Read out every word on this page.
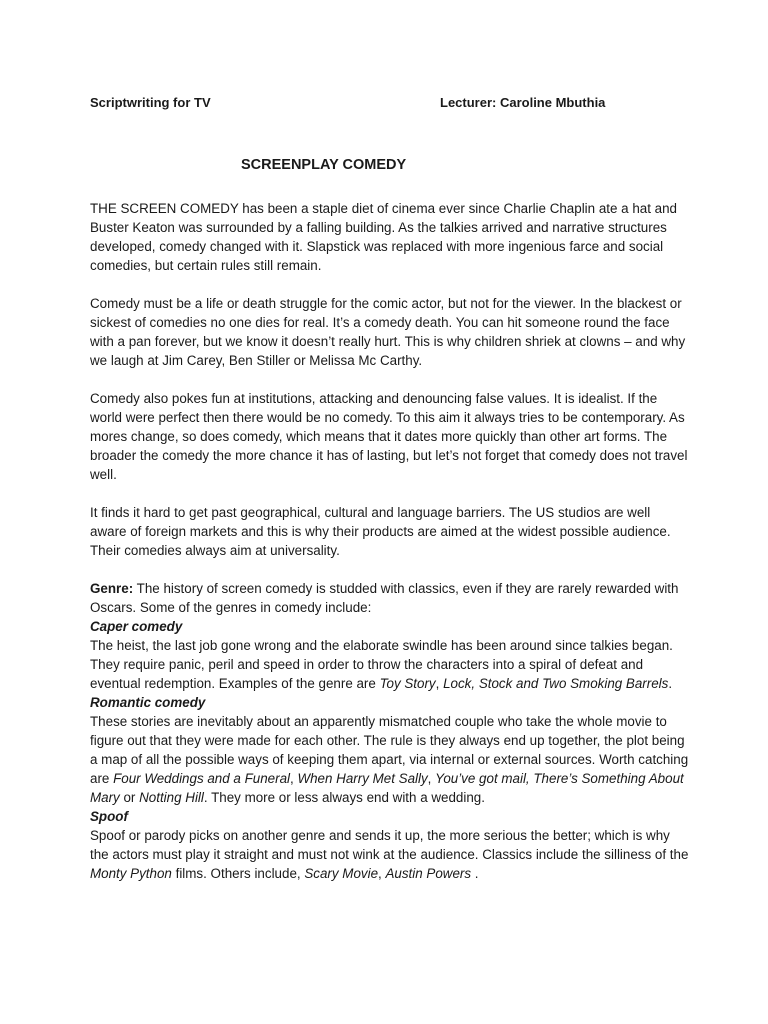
Scriptwriting for TV	Lecturer: Caroline Mbuthia
SCREENPLAY COMEDY

THE SCREEN COMEDY has been a staple diet of cinema ever since Charlie Chaplin ate a hat and Buster Keaton was surrounded by a falling building. As the talkies arrived and narrative structures developed, comedy changed with it. Slapstick was replaced with more ingenious farce and social comedies, but certain rules still remain.

Comedy must be a life or death struggle for the comic actor, but not for the viewer. In the blackest or sickest of comedies no one dies for real. It’s a comedy death. You can hit someone round the face with a pan forever, but we know it doesn’t really hurt. This is why children shriek at clowns – and why we laugh at Jim Carey, Ben Stiller or Melissa Mc Carthy.

Comedy also pokes fun at institutions, attacking and denouncing false values. It is idealist. If the world were perfect then there would be no comedy. To this aim it always tries to be contemporary. As mores change, so does comedy, which means that it dates more quickly than other art forms. The broader the comedy the more chance it has of lasting, but let’s not forget that comedy does not travel well.

It finds it hard to get past geographical, cultural and language barriers. The US studios are well aware of foreign markets and this is why their products are aimed at the widest possible audience. Their comedies always aim at universality.

Genre: The history of screen comedy is studded with classics, even if they are rarely rewarded with Oscars. Some of the genres in comedy include:

Caper comedy

The heist, the last job gone wrong and the elaborate swindle has been around since talkies began. They require panic, peril and speed in order to throw the characters into a spiral of defeat and eventual redemption. Examples of the genre are Toy Story, Lock, Stock and Two Smoking Barrels.

Romantic comedy

These stories are inevitably about an apparently mismatched couple who take the whole movie to figure out that they were made for each other. The rule is they always end up together, the plot being a map of all the possible ways of keeping them apart, via internal or external sources. Worth catching are Four Weddings and a Funeral, When Harry Met Sally, You’ve got mail, There’s Something About Mary or Notting Hill. They more or less always end with a wedding.

Spoof

Spoof or parody picks on another genre and sends it up, the more serious the better; which is why the actors must play it straight and must not wink at the audience. Classics include the silliness of the Monty Python films. Others include, Scary Movie, Austin Powers .
